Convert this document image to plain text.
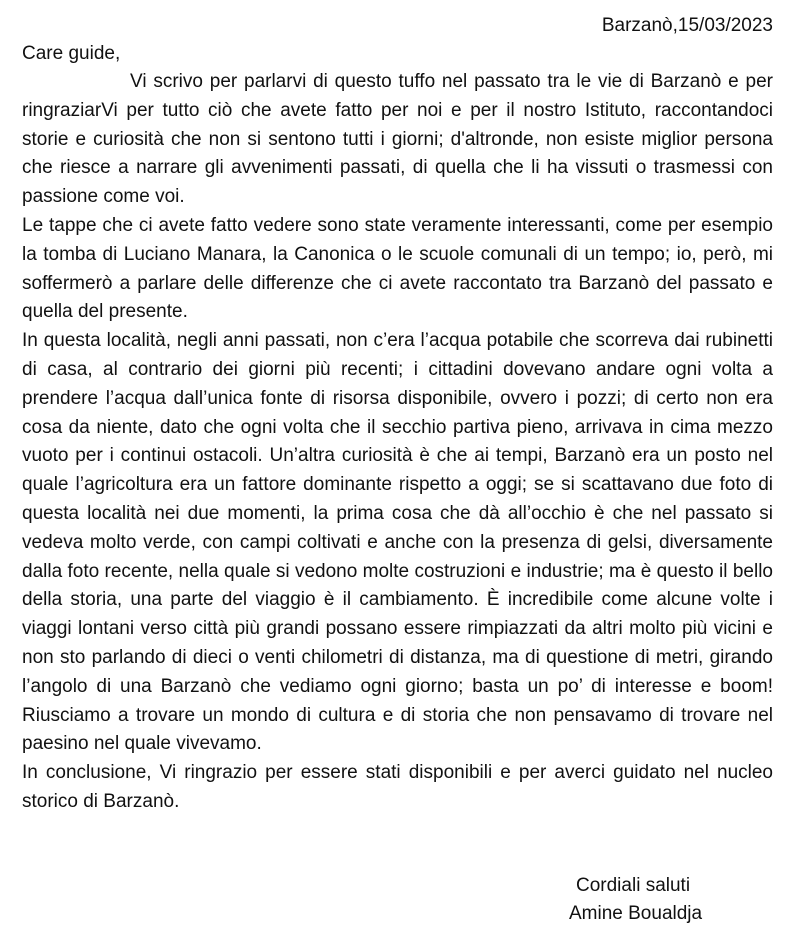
Barzanò,15/03/2023
Care guide,

Vi scrivo per parlarvi di questo tuffo nel passato tra le vie di Barzanò e per ringraziarVi per tutto ciò che avete fatto per noi e per il nostro Istituto, raccontandoci storie e curiosità che non si sentono tutti i giorni; d'altronde, non esiste miglior persona che riesce a narrare gli avvenimenti passati, di quella che li ha vissuti o trasmessi con passione come voi.

Le tappe che ci avete fatto vedere sono state veramente interessanti, come per esempio la tomba di Luciano Manara, la Canonica o le scuole comunali di un tempo; io, però, mi soffermerò a parlare delle differenze che ci avete raccontato tra Barzanò del passato e quella del presente.

In questa località, negli anni passati, non c’era l’acqua potabile che scorreva dai rubinetti di casa, al contrario dei giorni più recenti; i cittadini dovevano andare ogni volta a prendere l’acqua dall’unica fonte di risorsa disponibile, ovvero i pozzi; di certo non era cosa da niente, dato che ogni volta che il secchio partiva pieno, arrivava in cima mezzo vuoto per i continui ostacoli. Un’altra curiosità è che ai tempi, Barzanò era un posto nel quale l’agricoltura era un fattore dominante rispetto a oggi; se si scattavano due foto di questa località nei due momenti, la prima cosa che dà all’occhio è che nel passato si vedeva molto verde, con campi coltivati e anche con la presenza di gelsi, diversamente dalla foto recente, nella quale si vedono molte costruzioni e industrie; ma è questo il bello della storia, una parte del viaggio è il cambiamento. È incredibile come alcune volte i viaggi lontani verso città più grandi possano essere rimpiazzati da altri molto più vicini e non sto parlando di dieci o venti chilometri di distanza, ma di questione di metri, girando l’angolo di una Barzanò che vediamo ogni giorno; basta un po’ di interesse e boom! Riusciamo a trovare un mondo di cultura e di storia che non pensavamo di trovare nel paesino nel quale vivevamo.

In conclusione, Vi ringrazio per essere stati disponibili e per averci guidato nel nucleo storico di Barzanò.

Cordiali saluti
Amine Boualdja
